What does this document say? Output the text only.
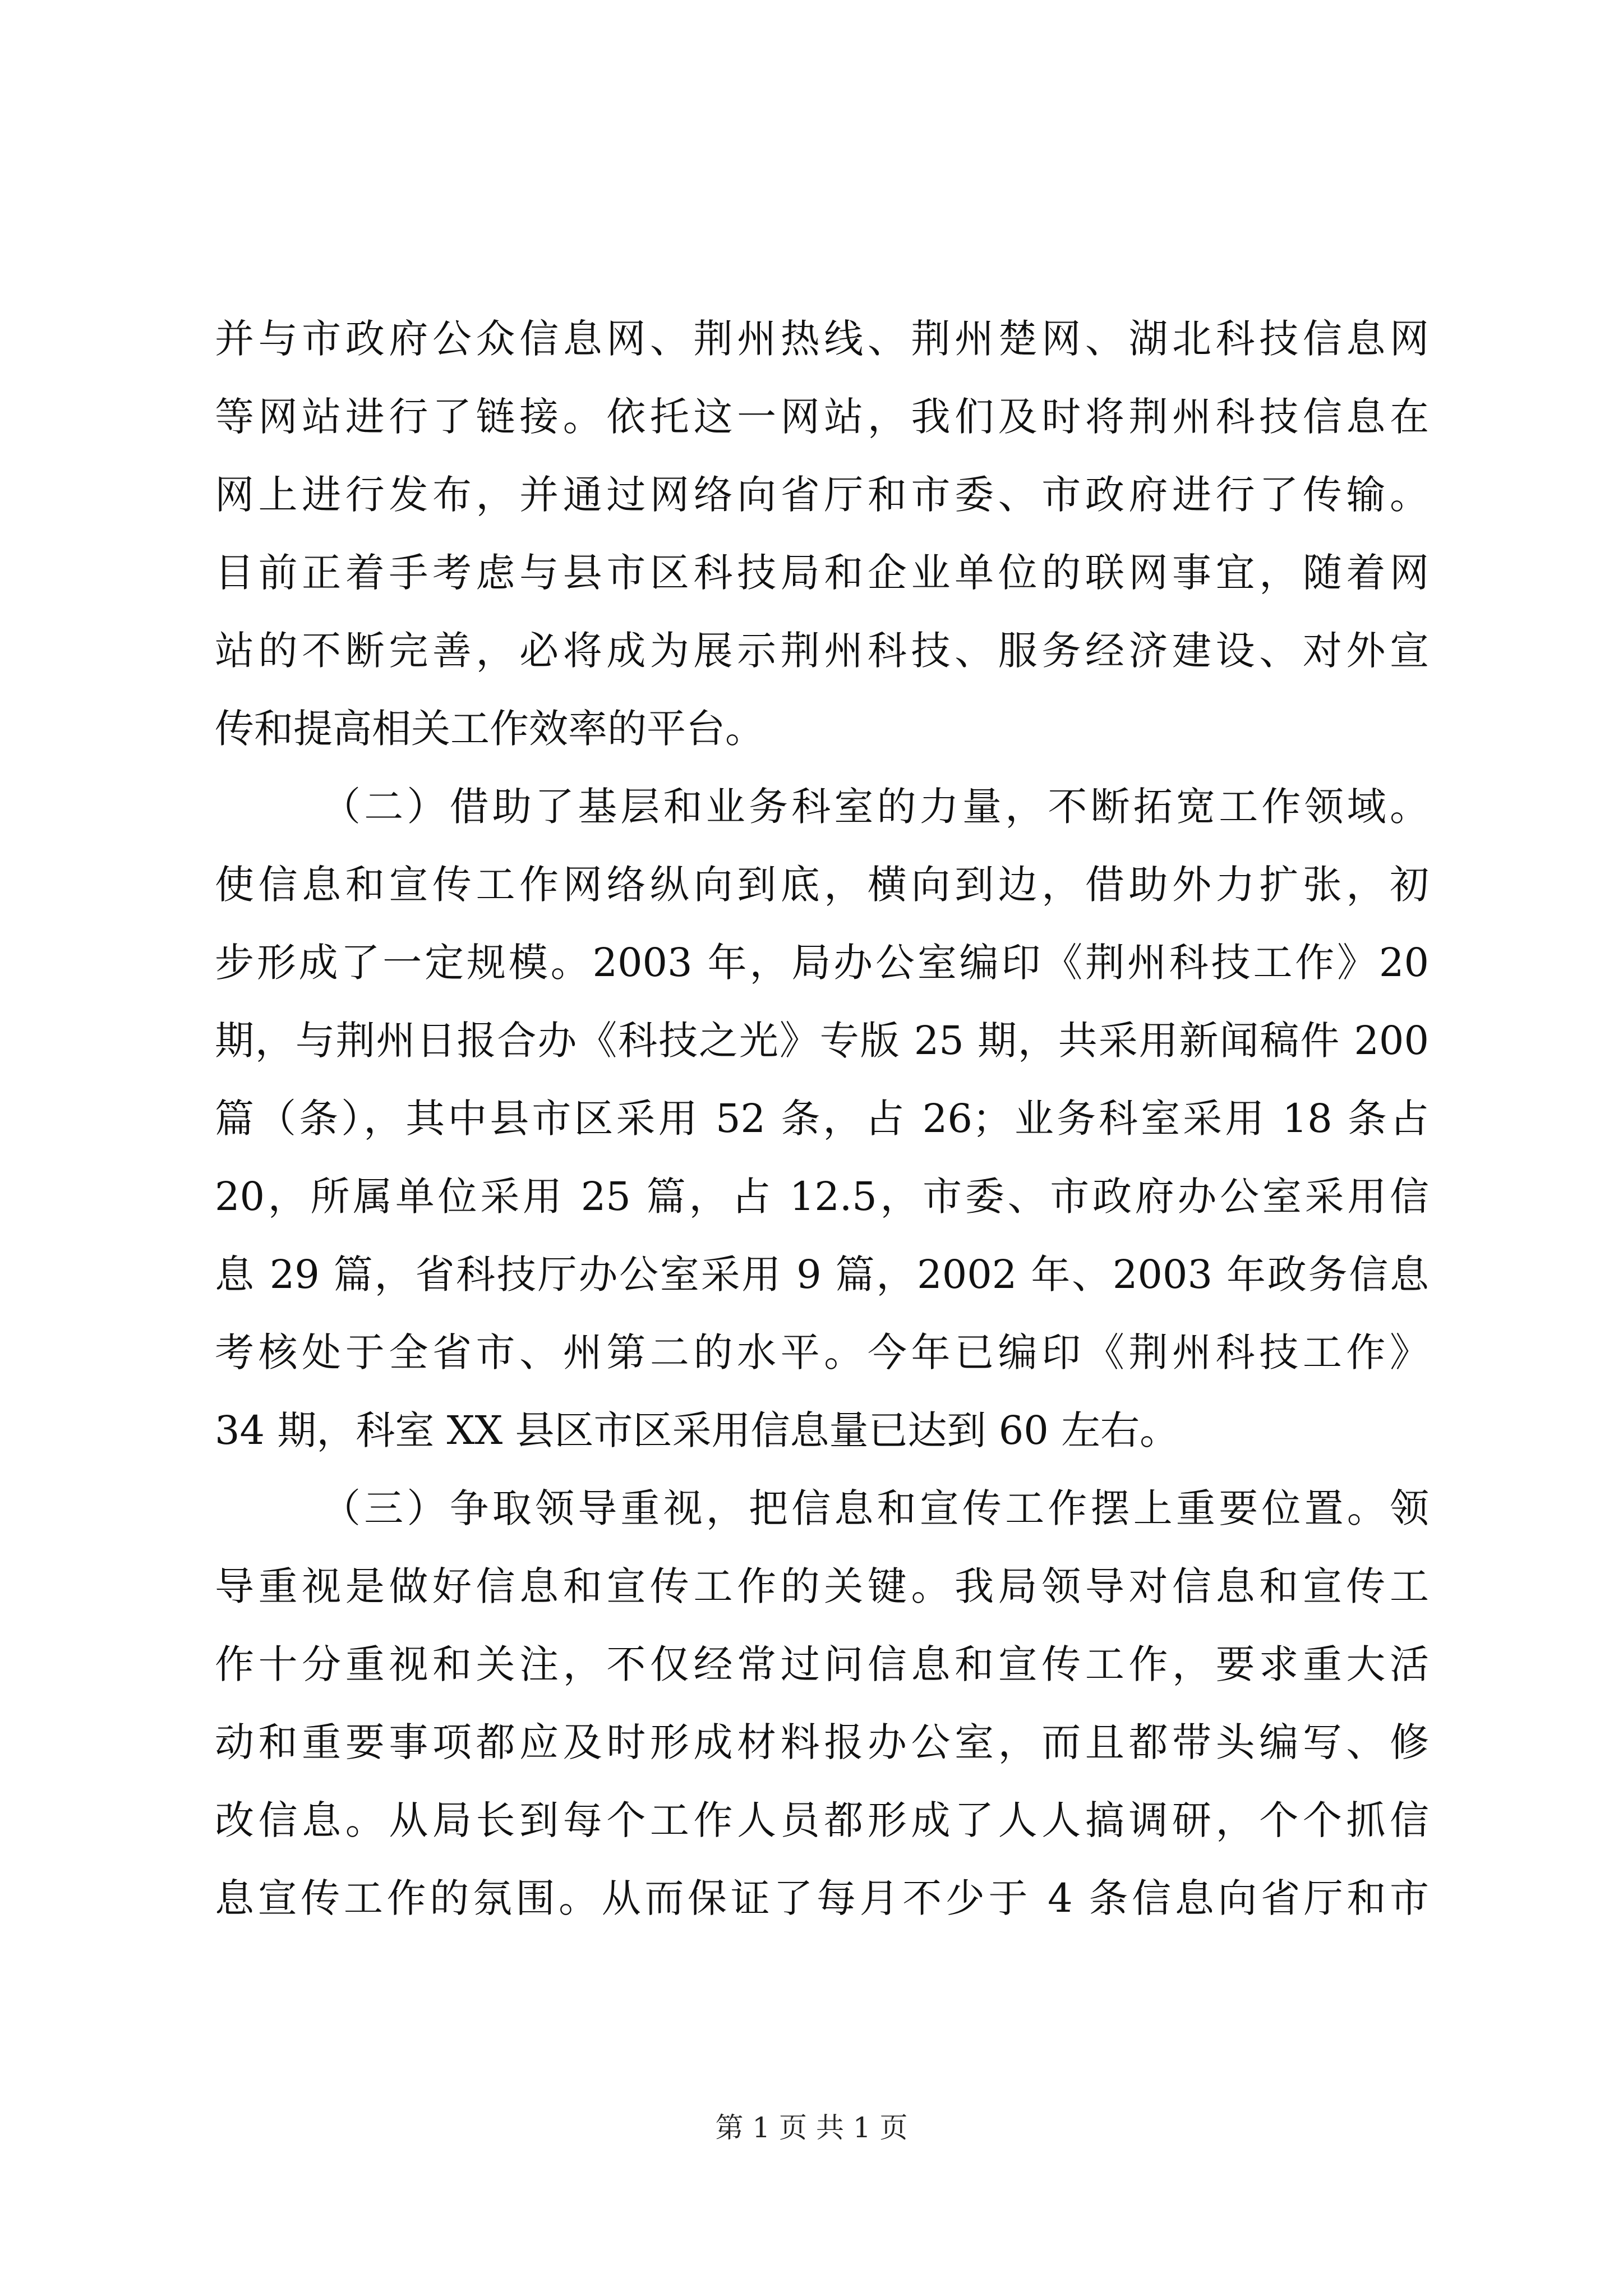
并与市政府公众信息网、荆州热线、荆州楚网、湖北科技信息网
等网站进行了链接。依托这一网站，我们及时将荆州科技信息在
网上进行发布，并通过网络向省厅和市委、市政府进行了传输。
目前正着手考虑与县市区科技局和企业单位的联网事宜，随着网
站的不断完善，必将成为展示荆州科技、服务经济建设、对外宣
传和提高相关工作效率的平台。
（二）借助了基层和业务科室的力量，不断拓宽工作领域。
使信息和宣传工作网络纵向到底，横向到边，借助外力扩张，初
步形成了一定规模。2003 年，局办公室编印《荆州科技工作》20
期，与荆州日报合办《科技之光》专版 25 期，共采用新闻稿件 200
篇（条），其中县市区采用 52 条，占 26；业务科室采用 18 条占
20，所属单位采用 25 篇，占 12.5，市委、市政府办公室采用信
息 29 篇，省科技厅办公室采用 9 篇，2002 年、2003 年政务信息
考核处于全省市、州第二的水平。今年已编印《荆州科技工作》
34 期，科室 XX 县区市区采用信息量已达到 60 左右。
（三）争取领导重视，把信息和宣传工作摆上重要位置。领
导重视是做好信息和宣传工作的关键。我局领导对信息和宣传工
作十分重视和关注，不仅经常过问信息和宣传工作，要求重大活
动和重要事项都应及时形成材料报办公室，而且都带头编写、修
改信息。从局长到每个工作人员都形成了人人搞调研，个个抓信
息宣传工作的氛围。从而保证了每月不少于 4 条信息向省厅和市
第 1 页 共 1 页
